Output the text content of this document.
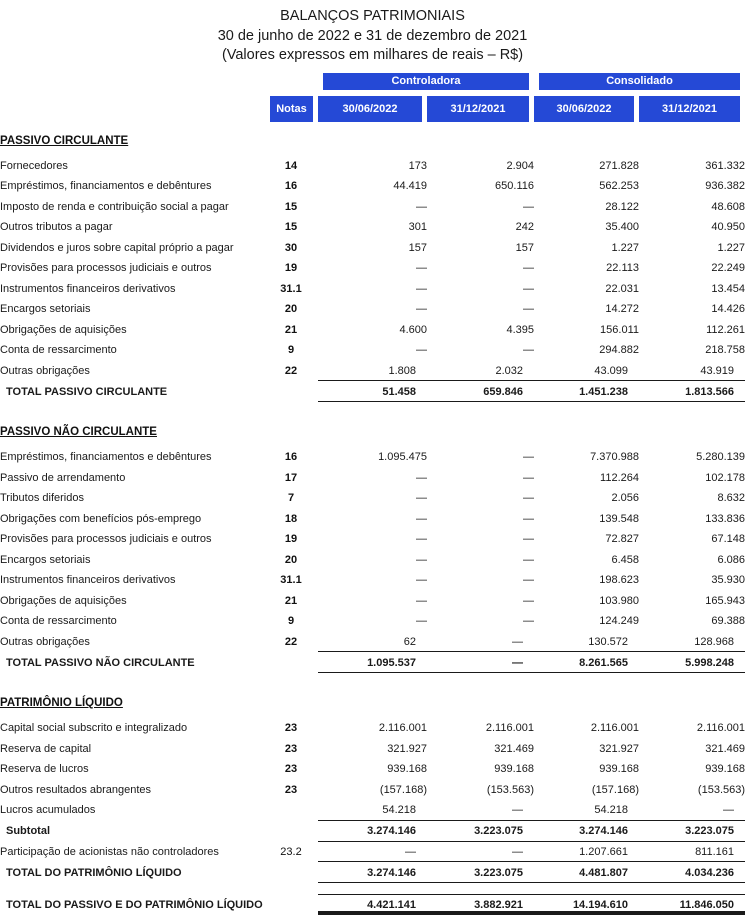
BALANÇOS PATRIMONIAIS
30 de junho de 2022 e 31 de dezembro de 2021
(Valores expressos em milhares de reais – R$)

		Controladora		Consolidado	

	Notas	30/06/2022	31/12/2021	30/06/2022	31/12/2021

PASSIVO CIRCULANTE					
Fornecedores	14	173	2.904	271.828	361.332
Empréstimos, financiamentos e debêntures	16	44.419	650.116	562.253	936.382
Imposto de renda e contribuição social a pagar	15	—	—	28.122	48.608
Outros tributos a pagar	15	301	242	35.400	40.950
Dividendos e juros sobre capital próprio a pagar	30	157	157	1.227	1.227
Provisões para processos judiciais e outros	19	—	—	22.113	22.249
Instrumentos financeiros derivativos	31.1	—	—	22.031	13.454
Encargos setoriais	20	—	—	14.272	14.426
Obrigações de aquisições	21	4.600	4.395	156.011	112.261
Conta de ressarcimento	9	—	—	294.882	218.758
Outras obrigações	22	1.808	2.032	43.099	43.919
TOTAL PASSIVO CIRCULANTE		51.458	659.846	1.451.238	1.813.566

PASSIVO NÃO CIRCULANTE					
Empréstimos, financiamentos e debêntures	16	1.095.475	—	7.370.988	5.280.139
Passivo de arrendamento	17	—	—	112.264	102.178
Tributos diferidos	7	—	—	2.056	8.632
Obrigações com benefícios pós-emprego	18	—	—	139.548	133.836
Provisões para processos judiciais e outros	19	—	—	72.827	67.148
Encargos setoriais	20	—	—	6.458	6.086
Instrumentos financeiros derivativos	31.1	—	—	198.623	35.930
Obrigações de aquisições	21	—	—	103.980	165.943
Conta de ressarcimento	9	—	—	124.249	69.388
Outras obrigações	22	62	—	130.572	128.968
TOTAL PASSIVO NÃO CIRCULANTE		1.095.537	—	8.261.565	5.998.248

PATRIMÔNIO LÍQUIDO					
Capital social subscrito e integralizado	23	2.116.001	2.116.001	2.116.001	2.116.001
Reserva de capital	23	321.927	321.469	321.927	321.469
Reserva de lucros	23	939.168	939.168	939.168	939.168
Outros resultados abrangentes	23	(157.168)	(153.563)	(157.168)	(153.563)
Lucros acumulados		54.218	—	54.218	—
Subtotal		3.274.146	3.223.075	3.274.146	3.223.075
Participação de acionistas não controladores	23.2	—	—	1.207.661	811.161
TOTAL DO PATRIMÔNIO LÍQUIDO		3.274.146	3.223.075	4.481.807	4.034.236

TOTAL DO PASSIVO E DO PATRIMÔNIO LÍQUIDO		4.421.141	3.882.921	14.194.610	11.846.050
